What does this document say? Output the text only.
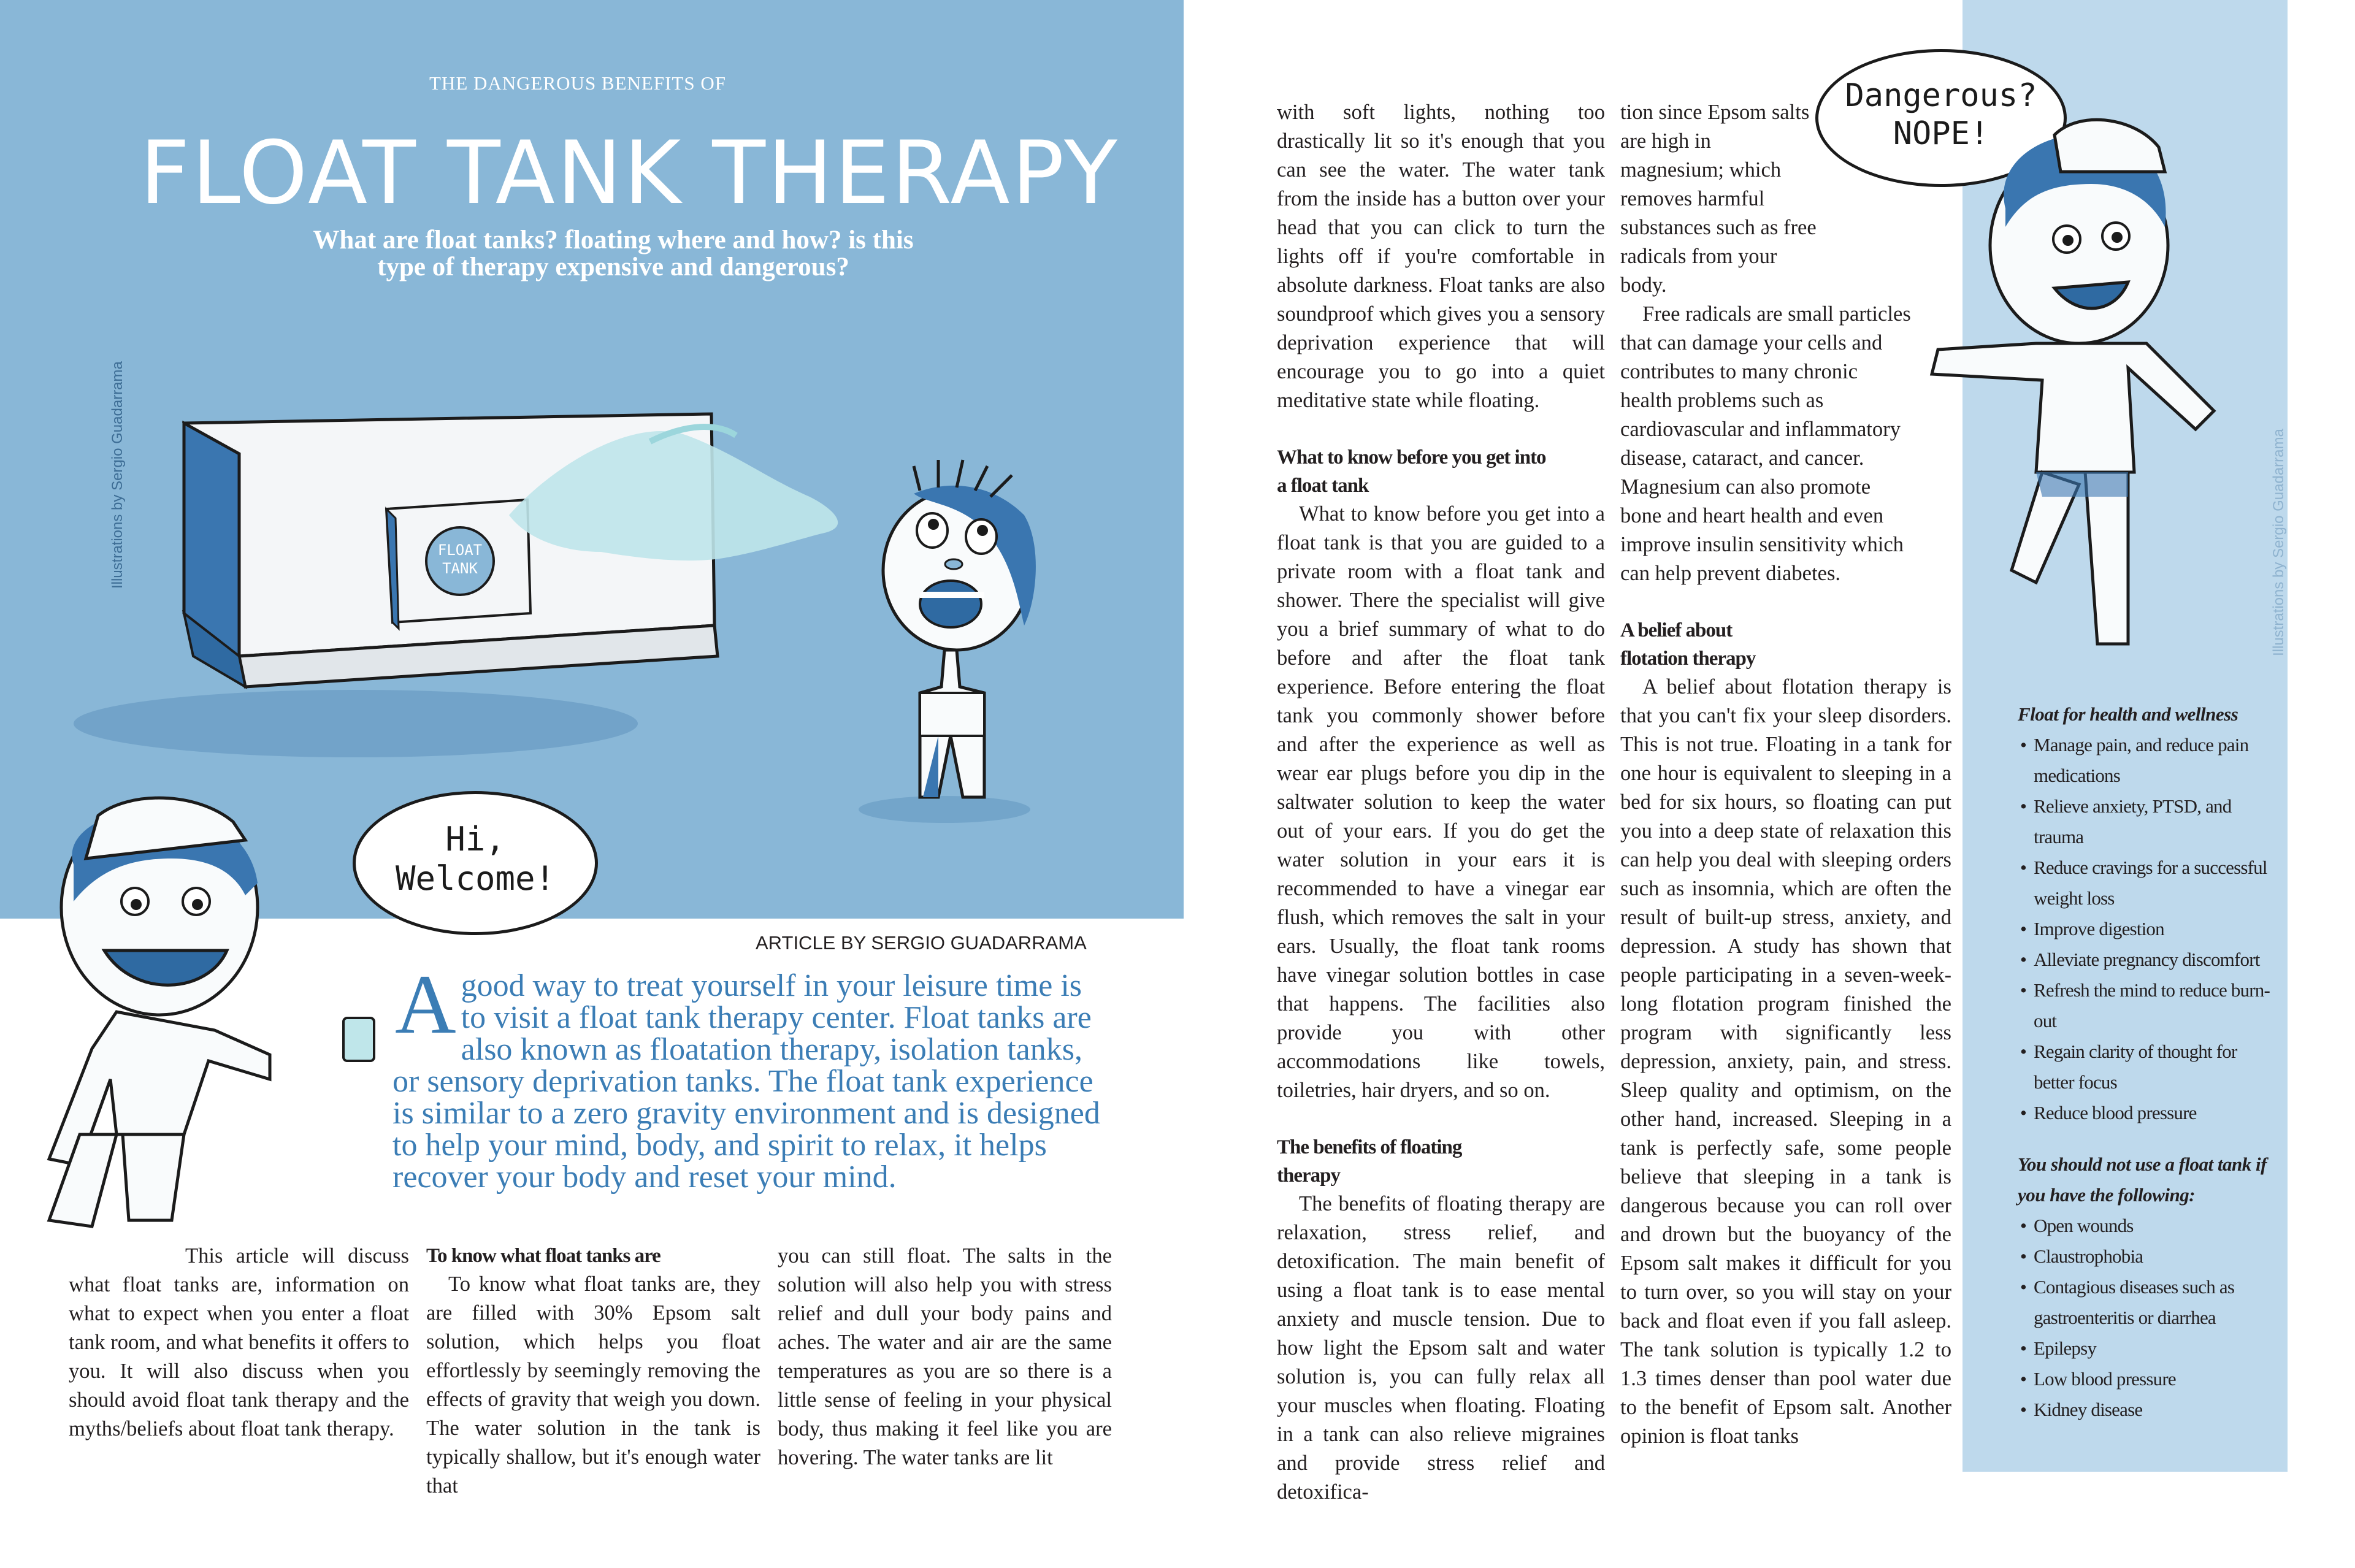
THE DANGEROUS BENEFITS OF
FLOAT TANK THERAPY
What are float tanks? floating where and how? is this
type of therapy expensive and dangerous?
Illustrations by Sergio Guadarrama	FLOAT
TANK
Hi,
Welcome!
ARTICLE BY SERGIO GUADARRAMA
Agood way to treat yourself in your leisure time is to visit a float tank therapy center. Float tanks are also known as floatation therapy, isolation tanks, or sensory deprivation tanks. The float tank experience is similar to a zero gravity environment and is designed to help your mind, body, and spirit to relax, it helps recover your body and reset your mind.

This article will discuss what float tanks are, information on what to expect when you enter a float tank room, and what benefits it offers to you. It will also discuss when you should avoid float tank therapy and the myths/beliefs about float tank therapy.

To know what float tanks are

To know what float tanks are, they are filled with 30% Epsom salt solution, which helps you float effortlessly by seemingly removing the effects of gravity that weigh you down. The water solution in the tank is typically shallow, but it's enough water that

you can still float. The salts in the solution will also help you with stress relief and dull your body pains and aches. The water and air are the same temperatures as you are so there is a little sense of feeling in your physical body, thus making it feel like you are hovering. The water tanks are lit

with soft lights, nothing too drastically lit so it's enough that you can see the water. The water tank from the inside has a button over your head that you can click to turn the lights off if you're comfortable in absolute darkness. Float tanks are also soundproof which gives you a sensory deprivation experience that will encourage you to go into a quiet meditative state while floating.

What to know before you get into
a float tank

What to know before you get into a float tank is that you are guided to a private room with a float tank and shower. There the specialist will give you a brief summary of what to do before and after the float tank experience. Before entering the float tank you commonly shower before and after the experience as well as wear ear plugs before you dip in the saltwater solution to keep the water out of your ears. If you do get the water solution in your ears it is recommended to have a vinegar ear flush, which removes the salt in your ears. Usually, the float tank rooms have vinegar solution bottles in case that happens. The facilities also provide you with other accommodations like towels, toiletries, hair dryers, and so on.

The benefits of floating
therapy

The benefits of floating therapy are relaxation, stress relief, and detoxification. The main benefit of using a float tank is to ease mental anxiety and muscle tension. Due to how light the Epsom salt and water solution is, you can fully relax all your muscles when floating. Floating in a tank can also relieve migraines and provide stress relief and detoxifica-

tion since Epsom salts are high in magnesium; which removes harmful substances such as free radicals from your body.

Free radicals are small particles that can damage your cells and contributes to many chronic health problems such as cardiovascular and inflammatory disease, cataract, and cancer. Magnesium can also promote bone and heart health and even improve insulin sensitivity which can help prevent diabetes.

A belief about
flotation therapy

A belief about flotation therapy is that you can't fix your sleep disorders. This is not true. Floating in a tank for one hour is equivalent to sleeping in a bed for six hours, so floating can put you into a deep state of relaxation this can help you deal with sleeping orders such as insomnia, which are often the result of built-up stress, anxiety, and depression. A study has shown that people participating in a seven-week-long flotation program finished the program with significantly less depression, anxiety, pain, and stress. Sleep quality and optimism, on the other hand, increased. Sleeping in a tank is perfectly safe, some people believe that sleeping in a tank is dangerous because you can roll over and drown but the buoyancy of the Epsom salt makes it difficult for you to turn over, so you will stay on your back and float even if you fall asleep. The tank solution is typically 1.2 to 1.3 times denser than pool water due to the benefit of Epsom salt. Another opinion is float tanks

Dangerous?
NOPE!
Illustrations by Sergio Guadarrama
Float for health and wellness
• Manage pain, and reduce pain medications
• Relieve anxiety, PTSD, and trauma
• Reduce cravings for a successful weight loss
• Improve digestion
• Alleviate pregnancy discomfort
• Refresh the mind to reduce burn-out
• Regain clarity of thought for better focus
• Reduce blood pressure
You should not use a float tank if
you have the following:
• Open wounds
• Claustrophobia
• Contagious diseases such as gastroenteritis or diarrhea
• Epilepsy
• Low blood pressure
• Kidney disease
